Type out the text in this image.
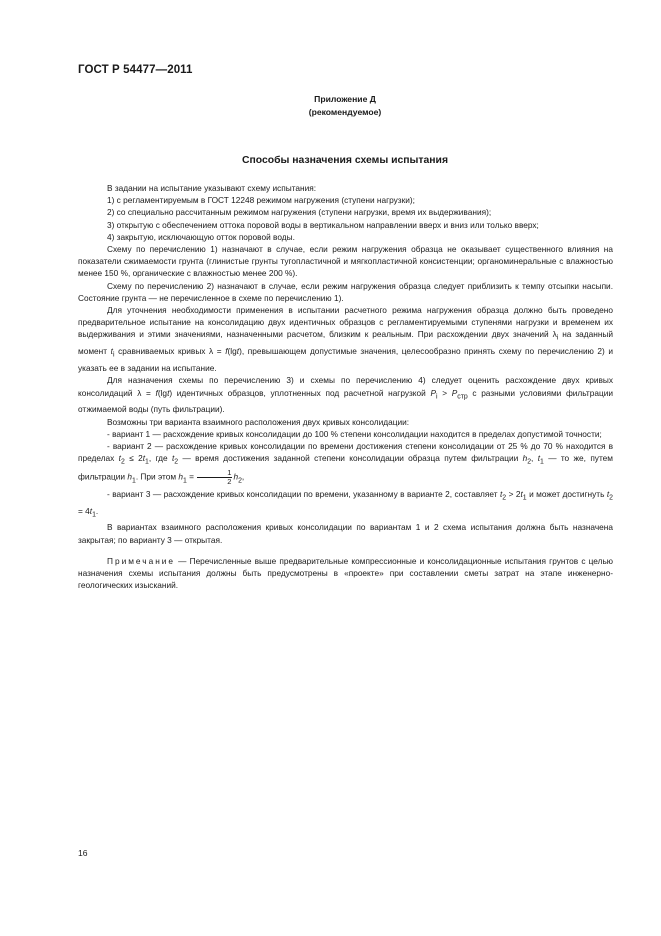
ГОСТ Р 54477—2011
Приложение Д
(рекомендуемое)
Способы назначения схемы испытания

В задании на испытание указывают схему испытания:

1) с регламентируемым в ГОСТ 12248 режимом нагружения (ступени нагрузки);

2) со специально рассчитанным режимом нагружения (ступени нагрузки, время их выдерживания);

3) открытую с обеспечением оттока поровой воды в вертикальном направлении вверх и вниз или только вверх;

4) закрытую, исключающую отток поровой воды.

Схему по перечислению 1) назначают в случае, если режим нагружения образца не оказывает существенного влияния на показатели сжимаемости грунта (глинистые грунты тугопластичной и мягкопластичной консистенции; органоминеральные с влажностью менее 150 %, органические с влажностью менее 200 %).

Схему по перечислению 2) назначают в случае, если режим нагружения образца следует приблизить к темпу отсыпки насыпи. Состояние грунта — не перечисленное в схеме по перечислению 1).

Для уточнения необходимости применения в испытании расчетного режима нагружения образца должно быть проведено предварительное испытание на консолидацию двух идентичных образцов с регламентируемыми ступенями нагрузки и временем их выдерживания и этими значениями, назначенными расчетом, близким к реальным. При расхождении двух значений $\lambda_i$ на заданный момент $t_i$ сравниваемых кривых λ = f(lgt), превышающем допустимые значения, целесообразно принять схему по перечислению 2) и указать ее в задании на испытание.

Для назначения схемы по перечислению 3) и схемы по перечислению 4) следует оценить расхождение двух кривых консолидаций λ = f(lgt) идентичных образцов, уплотненных под расчетной нагрузкой $P_i > P_{стр}$ с разными условиями фильтрации отжимаемой воды (путь фильтрации).

Возможны три варианта взаимного расположения двух кривых консолидации:

- вариант 1 — расхождение кривых консолидации до 100 % степени консолидации находится в пределах допустимой точности;

- вариант 2 — расхождение кривых консолидации по времени достижения степени консолидации от 25 % до 70 % находится в пределах $t_2 \le 2t_1$, где $t_2$ — время достижения заданной степени консолидации образца путем фильтрации $h_2$, $t_1$ — то же, путем фильтрации $h_1$. При этом $h_1 = \frac{1}{2} h_2$,

- вариант 3 — расхождение кривых консолидации по времени, указанному в варианте 2, составляет $t_2 > 2t_1$ и может достигнуть $t_2 = 4t_1$.

В вариантах взаимного расположения кривых консолидации по вариантам 1 и 2 схема испытания должна быть назначена закрытая; по варианту 3 — открытая.

Примечание — Перечисленные выше предварительные компрессионные и консолидационные испытания грунтов с целью назначения схемы испытания должны быть предусмотрены в «проекте» при составлении сметы затрат на этапе инженерно-геологических изысканий.

16
